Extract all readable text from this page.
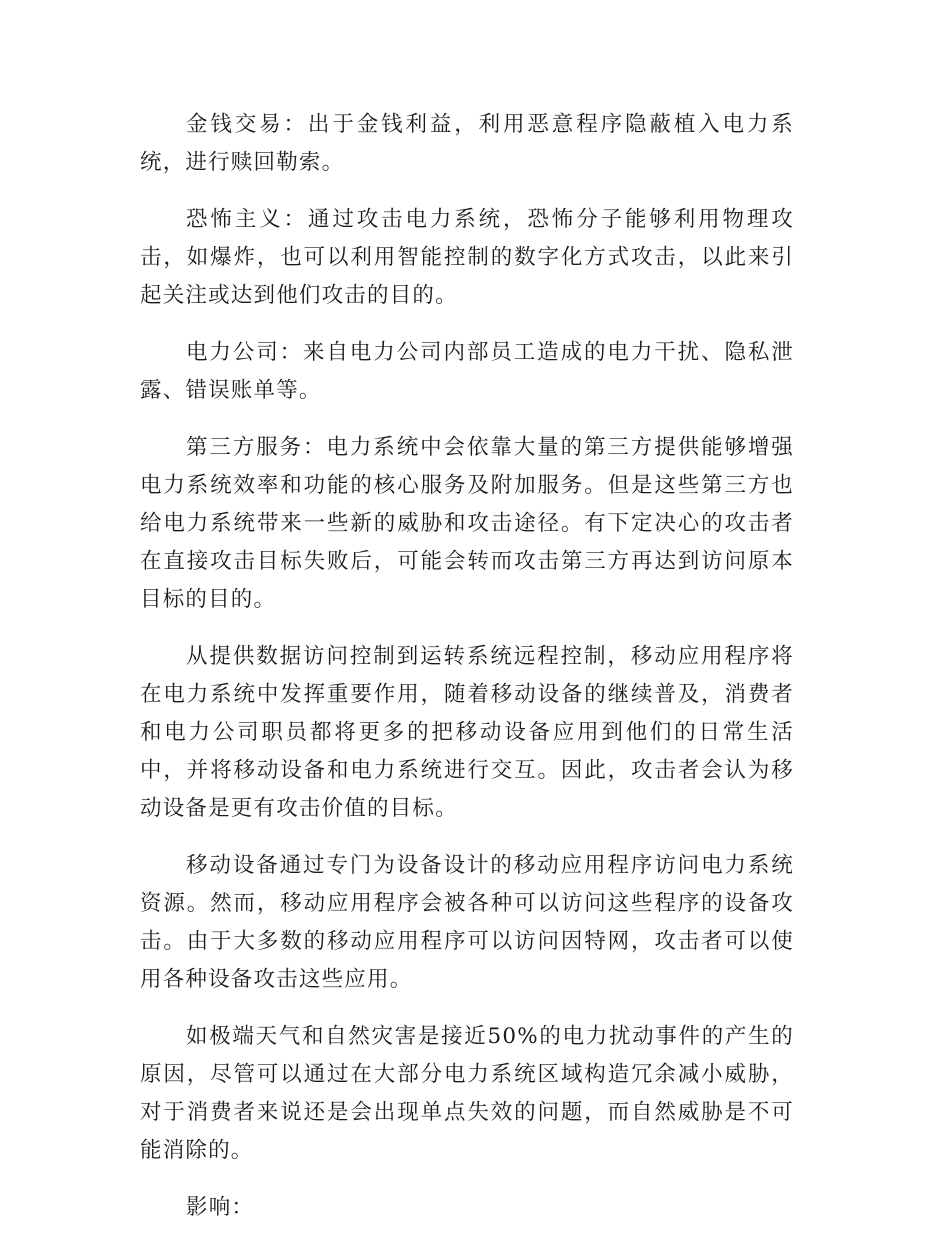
金钱交易：出于金钱利益，利用恶意程序隐蔽植入电力系统，进行赎回勒索。

恐怖主义：通过攻击电力系统，恐怖分子能够利用物理攻击，如爆炸，也可以利用智能控制的数字化方式攻击，以此来引起关注或达到他们攻击的目的。

电力公司：来自电力公司内部员工造成的电力干扰、隐私泄露、错误账单等。

第三方服务：电力系统中会依靠大量的第三方提供能够增强电力系统效率和功能的核心服务及附加服务。但是这些第三方也给电力系统带来一些新的威胁和攻击途径。有下定决心的攻击者在直接攻击目标失败后，可能会转而攻击第三方再达到访问原本目标的目的。

从提供数据访问控制到运转系统远程控制，移动应用程序将在电力系统中发挥重要作用，随着移动设备的继续普及，消费者和电力公司职员都将更多的把移动设备应用到他们的日常生活中，并将移动设备和电力系统进行交互。因此，攻击者会认为移动设备是更有攻击价值的目标。

移动设备通过专门为设备设计的移动应用程序访问电力系统资源。然而，移动应用程序会被各种可以访问这些程序的设备攻击。由于大多数的移动应用程序可以访问因特网，攻击者可以使用各种设备攻击这些应用。

如极端天气和自然灾害是接近50%的电力扰动事件的产生的原因，尽管可以通过在大部分电力系统区域构造冗余减小威胁，对于消费者来说还是会出现单点失效的问题，而自然威胁是不可能消除的。

影响：
